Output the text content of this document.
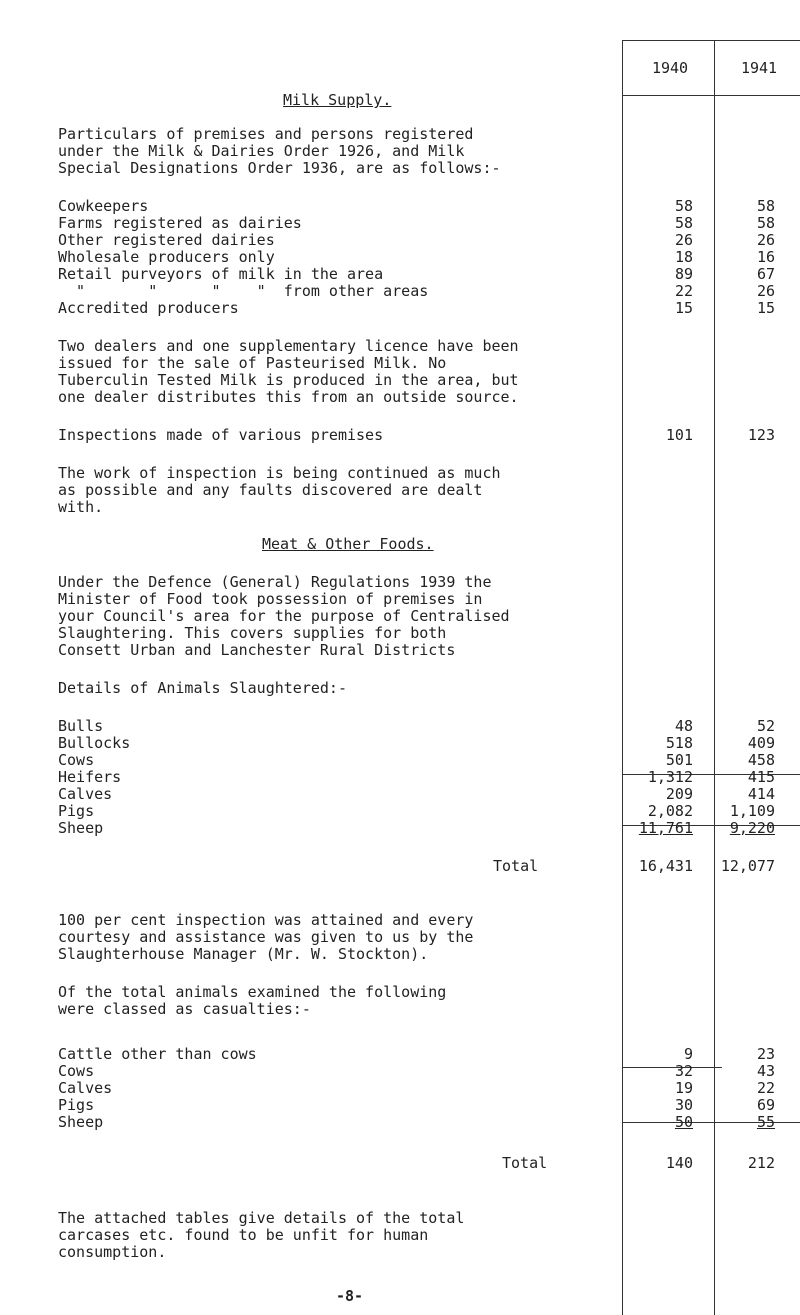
1940	1941
Milk Supply.
Particulars of premises and persons registered
under the Milk & Dairies Order 1926, and Milk
Special Designations Order 1936, are as follows:-
Cowkeepers	58	58
Farms registered as dairies	58	58
Other registered dairies	26	26
Wholesale producers only	18	16
Retail purveyors of milk in the area	89	67
"       "      "    "  from other areas	22	26
Accredited producers	15	15
Two dealers and one supplementary licence have been
issued for the sale of Pasteurised Milk. No
Tuberculin Tested Milk is produced in the area, but
one dealer distributes this from an outside source.
Inspections made of various premises	101	123
The work of inspection is being continued as much
as possible and any faults discovered are dealt
with.
Meat & Other Foods.
Under the Defence (General) Regulations 1939 the
Minister of Food took possession of premises in
your Council's area for the purpose of Centralised
Slaughtering. This covers supplies for both
Consett Urban and Lanchester Rural Districts
Details of Animals Slaughtered:-
Bulls	48	52
Bullocks	518	409
Cows	501	458
Heifers	1,312	415
Calves	209	414
Pigs	2,082	1,109
Sheep	11,761	9,220
Total	16,431 12,077
100 per cent inspection was attained and every
courtesy and assistance was given to us by the
Slaughterhouse Manager (Mr. W. Stockton).
Of the total animals examined the following
were classed as casualties:-
Cattle other than cows	9	23
Cows	32	43
Calves	19	22
Pigs	30	69
Sheep	50	55
Total	140	212
The attached tables give details of the total
carcases etc. found to be unfit for human
consumption.
-8-
